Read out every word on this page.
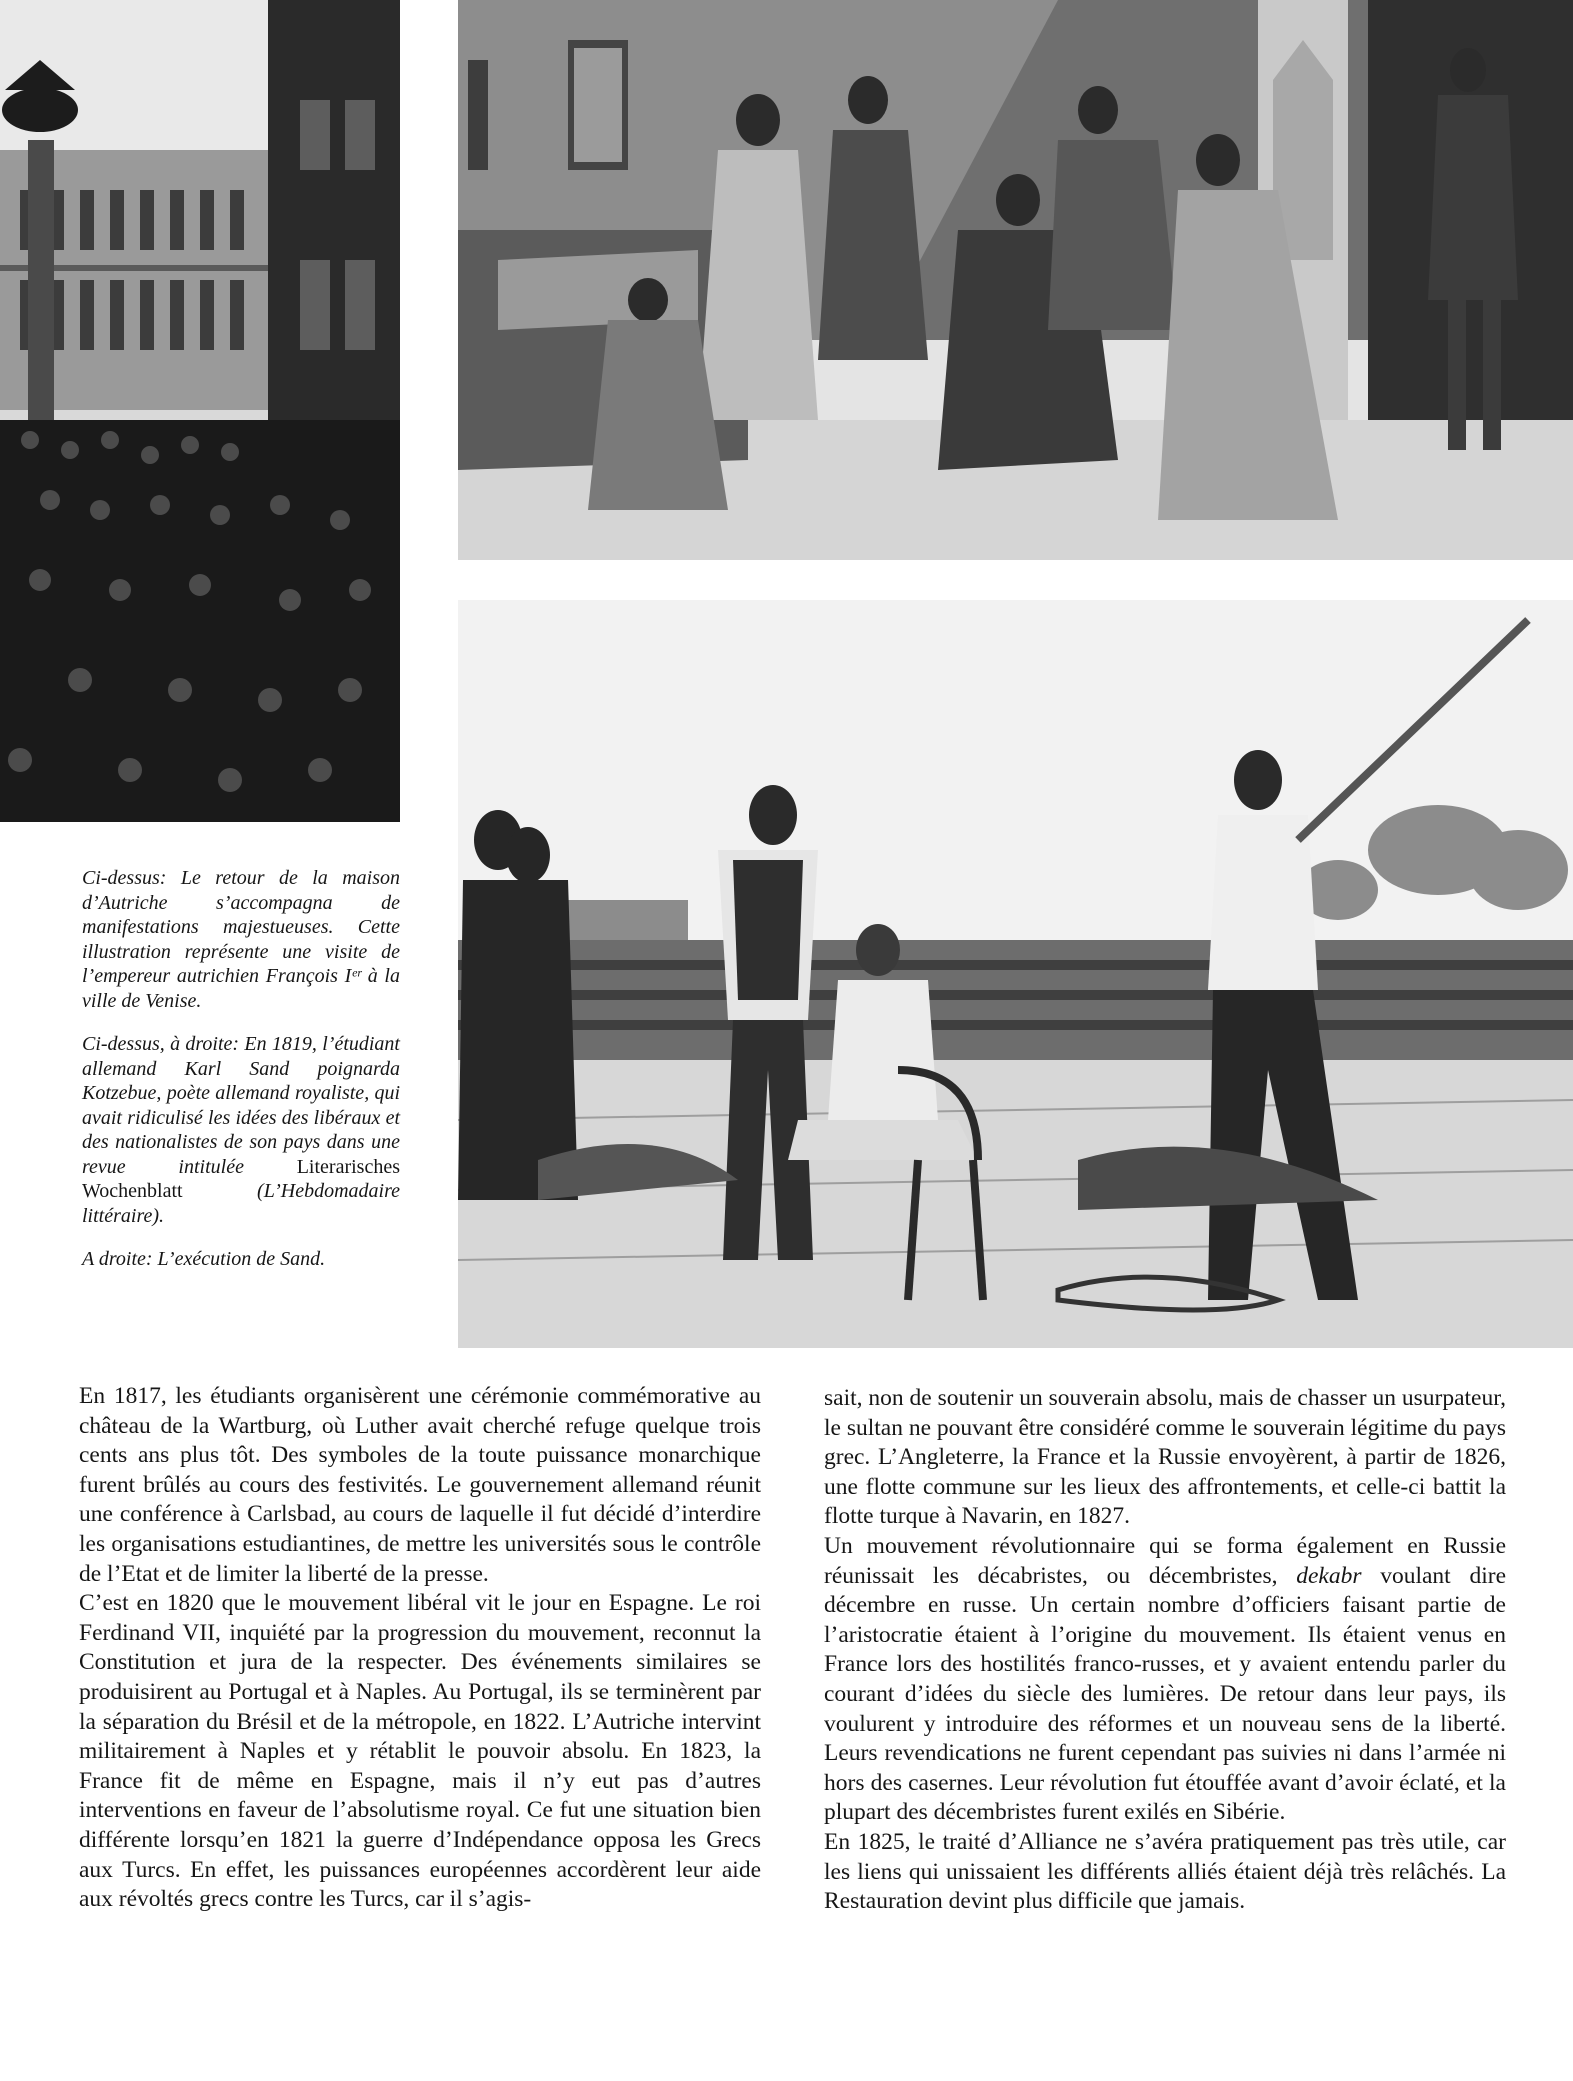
Ci-dessus: Le retour de la maison d’Autriche s’accompagna de manifestations majestueuses. Cette illustration représente une visite de l’empereur autrichien François Iᵉʳ à la ville de Venise.

Ci-dessus, à droite: En 1819, l’étudiant allemand Karl Sand poignarda Kotzebue, poète allemand royaliste, qui avait ridiculisé les idées des libéraux et des nationalistes de son pays dans une revue intitulée	Literarisches Wochenblatt (L’Hebdomadaire littéraire).

A droite: L’exécution de Sand.

En 1817, les étudiants organisèrent une cérémonie commémorative au château de la Wartburg, où Luther avait cherché refuge quelque trois cents ans plus tôt. Des symboles de la toute puissance monarchique furent brûlés au cours des festivités. Le gouvernement allemand réunit une conférence à Carlsbad, au cours de laquelle il fut décidé d’interdire les organisations estudiantines, de mettre les universités sous le contrôle de l’Etat et de limiter la liberté de la presse.

C’est en 1820 que le mouvement libéral vit le jour en Espagne. Le roi Ferdinand VII, inquiété par la progression du mouvement, reconnut la Constitution et jura de la respecter. Des événements similaires se produisirent au Portugal et à Naples. Au Portugal, ils se terminèrent par la séparation du Brésil et de la métropole, en 1822. L’Autriche intervint militairement à Naples et y rétablit le pouvoir absolu. En 1823, la France fit de même en Espagne, mais il n’y eut pas d’autres interventions en faveur de l’absolutisme royal. Ce fut une situation bien différente lorsqu’en 1821 la guerre d’Indépendance opposa les Grecs aux Turcs. En effet, les puissances européennes accordèrent leur aide aux révoltés grecs contre les Turcs, car il s’agis-

sait, non de soutenir un souverain absolu, mais de chasser un usurpateur, le sultan ne pouvant être considéré comme le souverain légitime du pays grec. L’Angleterre, la France et la Russie envoyèrent, à partir de 1826, une flotte commune sur les lieux des affrontements, et celle-ci battit la flotte turque à Navarin, en 1827.

Un mouvement révolutionnaire qui se forma également en Russie réunissait les décabristes, ou décembristes, dekabr voulant dire décembre en russe. Un certain nombre d’officiers faisant partie de l’aristocratie étaient à l’origine du mouvement. Ils étaient venus en France lors des hostilités franco-russes, et y avaient entendu parler du courant d’idées du siècle des lumières. De retour dans leur pays, ils voulurent y introduire des réformes et un nouveau sens de la liberté. Leurs revendications ne furent cependant pas suivies ni dans l’armée ni hors des casernes. Leur révolution fut étouffée avant d’avoir éclaté, et la plupart des décembristes furent exilés en Sibérie.

En 1825, le traité d’Alliance ne s’avéra pratiquement pas très utile, car les liens qui unissaient les différents alliés étaient déjà très relâchés. La Restauration devint plus difficile que jamais.
